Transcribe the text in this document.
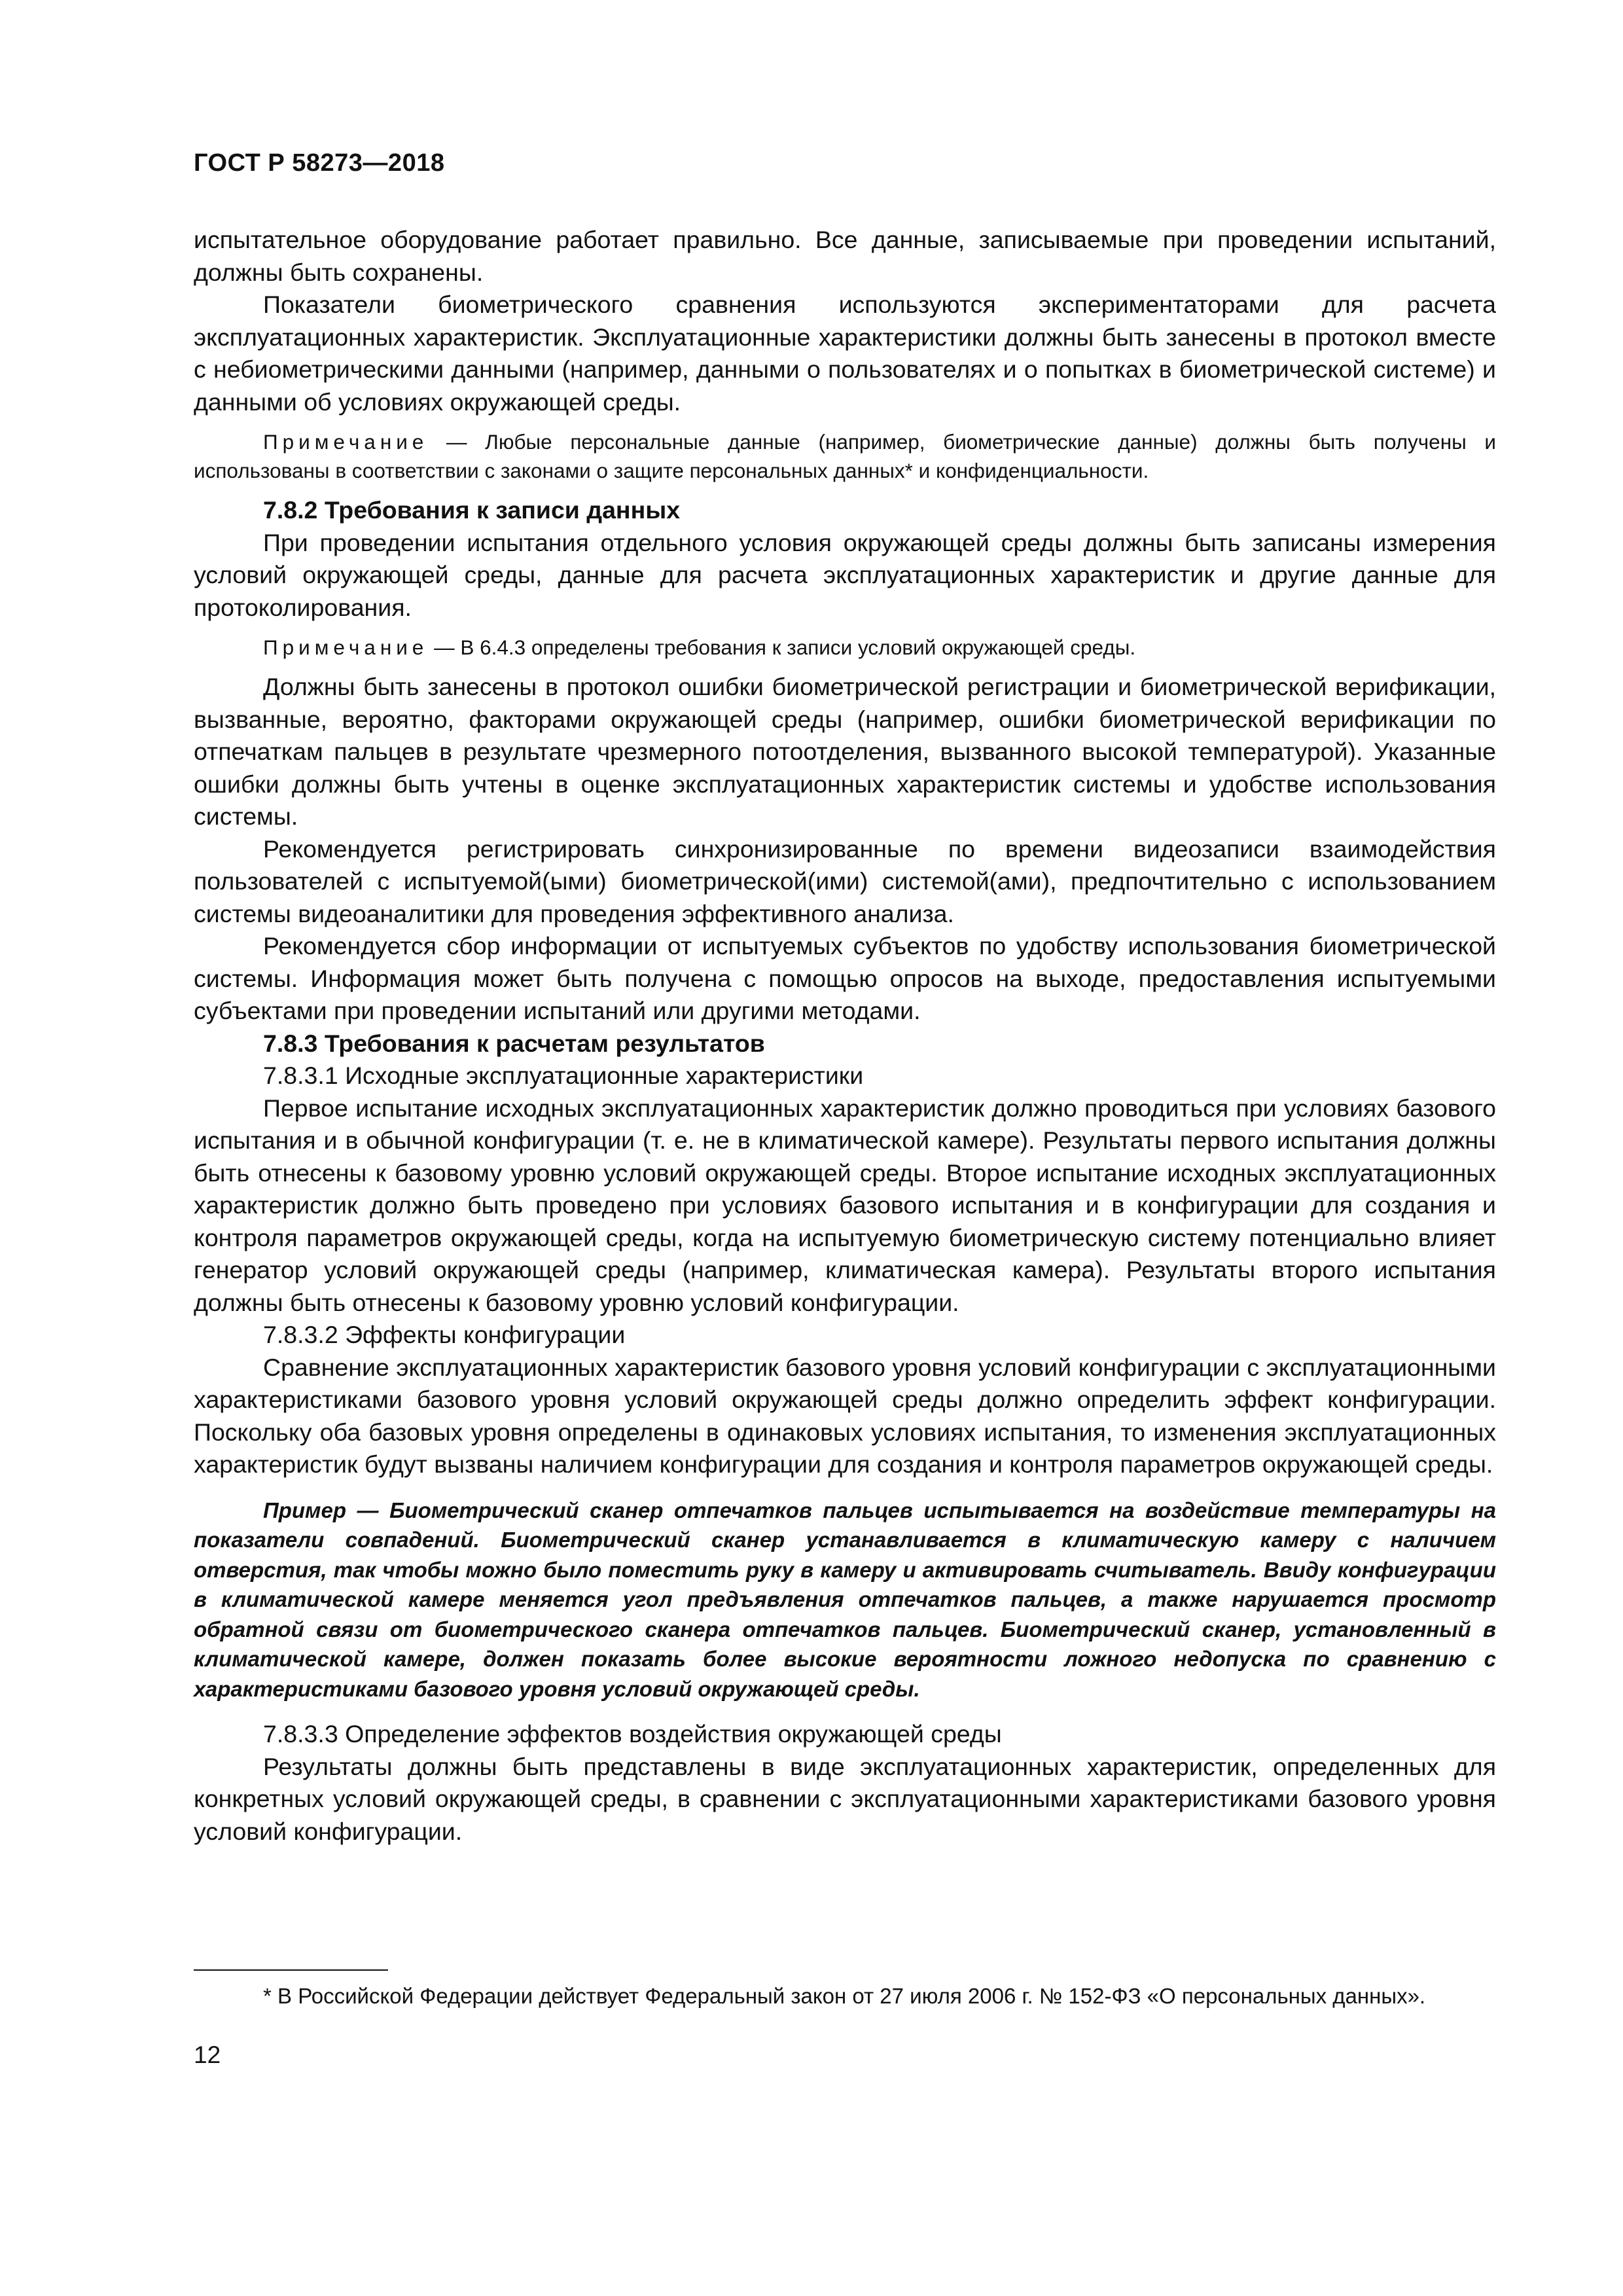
ГОСТ Р 58273—2018

испытательное оборудование работает правильно. Все данные, записываемые при проведении испытаний, должны быть сохранены.

Показатели биометрического сравнения используются экспериментаторами для расчета эксплуатационных характеристик. Эксплуатационные характеристики должны быть занесены в протокол вместе с небиометрическими данными (например, данными о пользователях и о попытках в биометрической системе) и данными об условиях окружающей среды.

Примечание — Любые персональные данные (например, биометрические данные) должны быть получены и использованы в соответствии с законами о защите персональных данных* и конфиденциальности.

7.8.2 Требования к записи данных

При проведении испытания отдельного условия окружающей среды должны быть записаны измерения условий окружающей среды, данные для расчета эксплуатационных характеристик и другие данные для протоколирования.

Примечание — В 6.4.3 определены требования к записи условий окружающей среды.

Должны быть занесены в протокол ошибки биометрической регистрации и биометрической верификации, вызванные, вероятно, факторами окружающей среды (например, ошибки биометрической верификации по отпечаткам пальцев в результате чрезмерного потоотделения, вызванного высокой температурой). Указанные ошибки должны быть учтены в оценке эксплуатационных характеристик системы и удобстве использования системы.

Рекомендуется регистрировать синхронизированные по времени видеозаписи взаимодействия пользователей с испытуемой(ыми) биометрической(ими) системой(ами), предпочтительно с использованием системы видеоаналитики для проведения эффективного анализа.

Рекомендуется сбор информации от испытуемых субъектов по удобству использования биометрической системы. Информация может быть получена с помощью опросов на выходе, предоставления испытуемыми субъектами при проведении испытаний или другими методами.

7.8.3 Требования к расчетам результатов

7.8.3.1 Исходные эксплуатационные характеристики

Первое испытание исходных эксплуатационных характеристик должно проводиться при условиях базового испытания и в обычной конфигурации (т. е. не в климатической камере). Результаты первого испытания должны быть отнесены к базовому уровню условий окружающей среды. Второе испытание исходных эксплуатационных характеристик должно быть проведено при условиях базового испытания и в конфигурации для создания и контроля параметров окружающей среды, когда на испытуемую биометрическую систему потенциально влияет генератор условий окружающей среды (например, климатическая камера). Результаты второго испытания должны быть отнесены к базовому уровню условий конфигурации.

7.8.3.2 Эффекты конфигурации

Сравнение эксплуатационных характеристик базового уровня условий конфигурации с эксплуатационными характеристиками базового уровня условий окружающей среды должно определить эффект конфигурации. Поскольку оба базовых уровня определены в одинаковых условиях испытания, то изменения эксплуатационных характеристик будут вызваны наличием конфигурации для создания и контроля параметров окружающей среды.

Пример — Биометрический сканер отпечатков пальцев испытывается на воздействие температуры на показатели совпадений. Биометрический сканер устанавливается в климатическую камеру с наличием отверстия, так чтобы можно было поместить руку в камеру и активировать считыватель. Ввиду конфигурации в климатической камере меняется угол предъявления отпечатков пальцев, а также нарушается просмотр обратной связи от биометрического сканера отпечатков пальцев. Биометрический сканер, установленный в климатической камере, должен показать более высокие вероятности ложного недопуска по сравнению с характеристиками базового уровня условий окружающей среды.

7.8.3.3 Определение эффектов воздействия окружающей среды

Результаты должны быть представлены в виде эксплуатационных характеристик, определенных для конкретных условий окружающей среды, в сравнении с эксплуатационными характеристиками базового уровня условий конфигурации.

* В Российской Федерации действует Федеральный закон от 27 июля 2006 г. № 152-ФЗ «О персональных данных».

12
